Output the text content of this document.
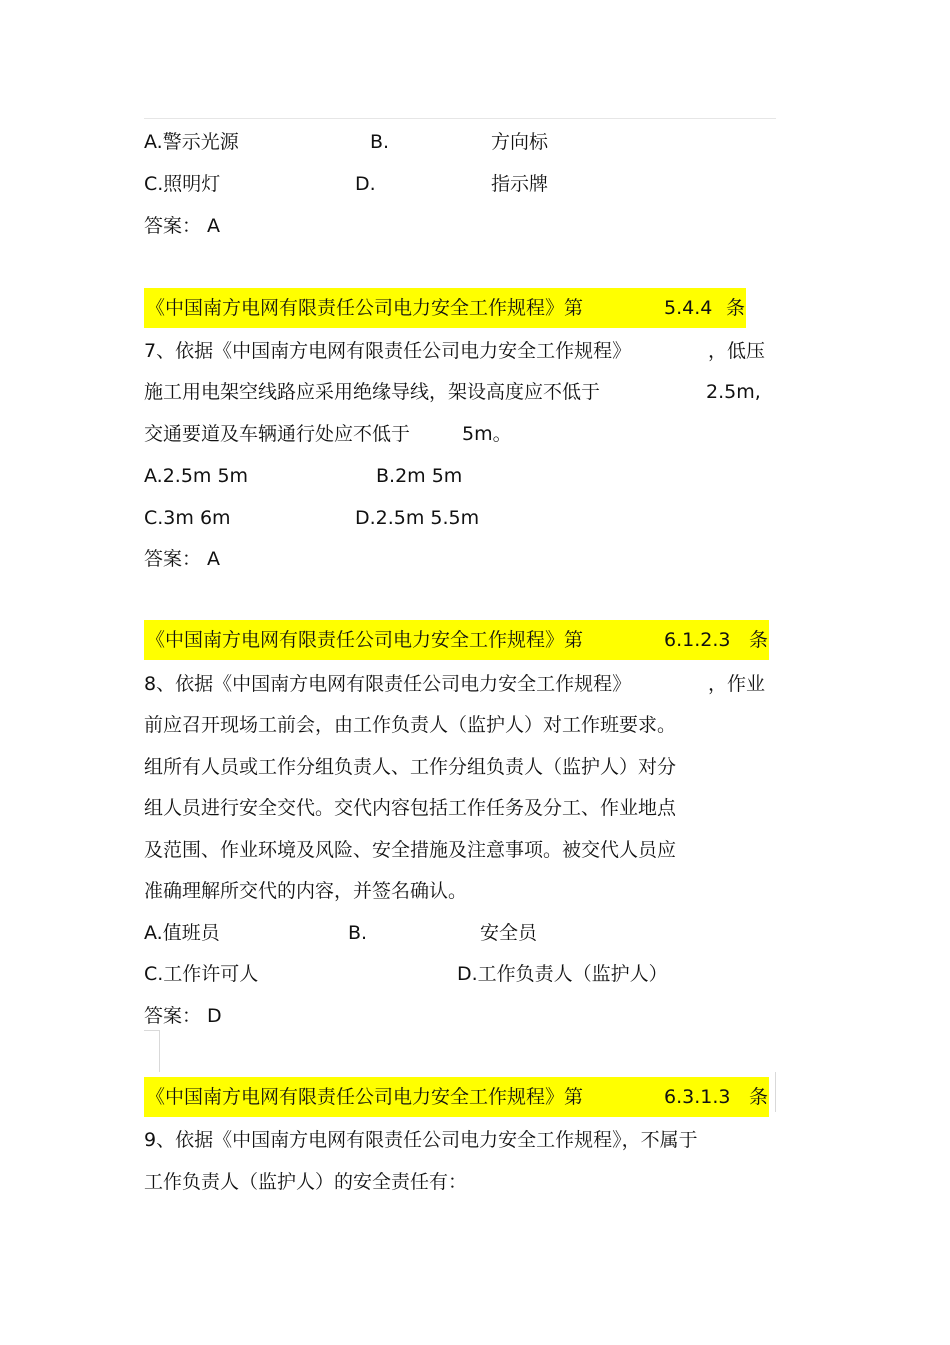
A.警示光源	B.	方向标
C.照明灯	D.	指示牌
答案： A
《中国南方电网有限责任公司电力安全工作规程》第	5.4.4 条
7、依据《中国南方电网有限责任公司电力安全工作规程》	，低压
施工用电架空线路应采用绝缘导线，架设高度应不低于	2.5m,
交通要道及车辆通行处应不低于	5m。
A.2.5m 5m	B.2m 5m
C.3m 6m	D.2.5m 5.5m
答案： A
《中国南方电网有限责任公司电力安全工作规程》第	6.1.2.3 条
8、依据《中国南方电网有限责任公司电力安全工作规程》	，作业
前应召开现场工前会，由工作负责人（监护人）对工作班要求。
组所有人员或工作分组负责人、工作分组负责人（监护人）对分
组人员进行安全交代。交代内容包括工作任务及分工、作业地点
及范围、作业环境及风险、安全措施及注意事项。被交代人员应
准确理解所交代的内容，并签名确认。
A.值班员	B.	安全员
C.工作许可人	D.工作负责人（监护人）
答案： D
《中国南方电网有限责任公司电力安全工作规程》第	6.3.1.3 条
9、依据《中国南方电网有限责任公司电力安全工作规程》，不属于
工作负责人（监护人）的安全责任有：
